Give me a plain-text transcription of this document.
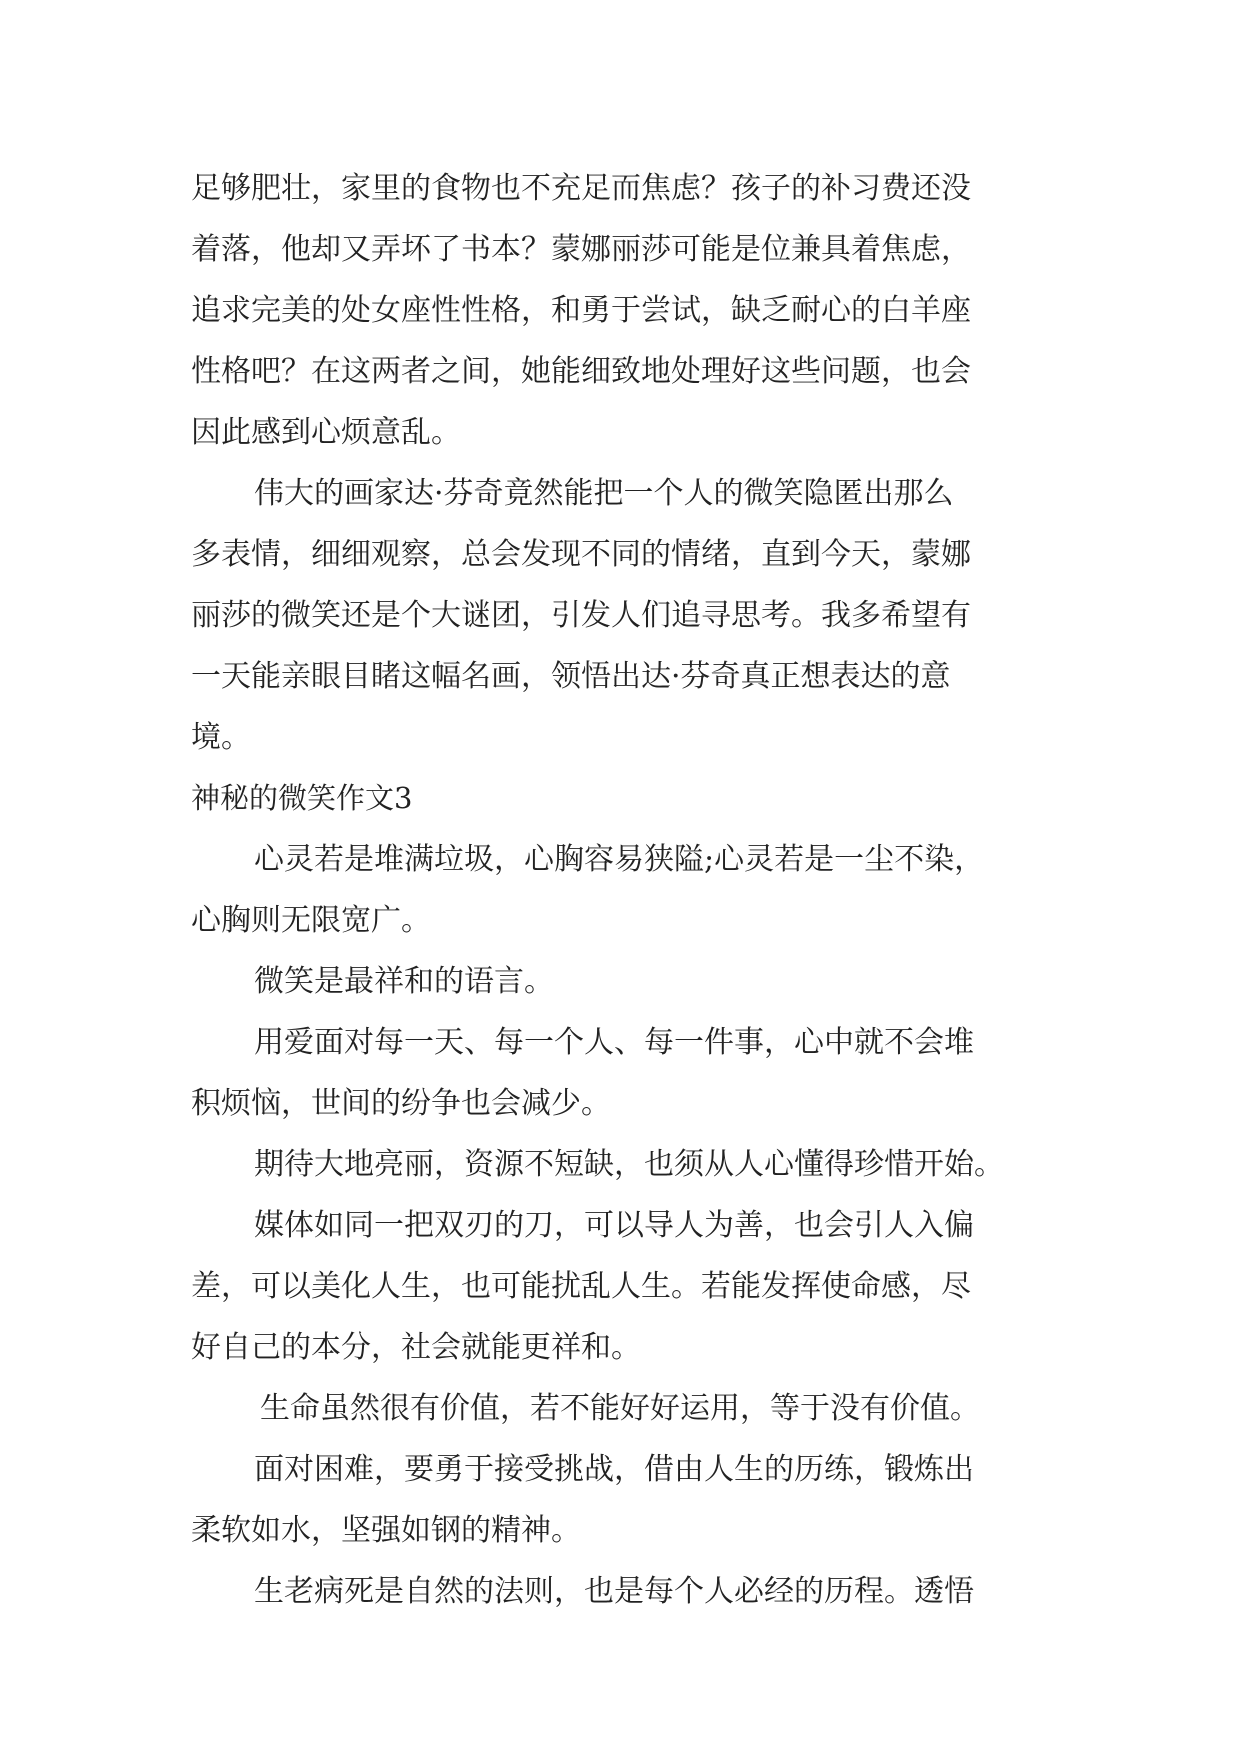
足够肥壮，家里的食物也不充足而焦虑？孩子的补习费还没
着落，他却又弄坏了书本？蒙娜丽莎可能是位兼具着焦虑，
追求完美的处女座性性格，和勇于尝试，缺乏耐心的白羊座
性格吧？在这两者之间，她能细致地处理好这些问题，也会
因此感到心烦意乱。
伟大的画家达·芬奇竟然能把一个人的微笑隐匿出那么
多表情，细细观察，总会发现不同的情绪，直到今天，蒙娜
丽莎的微笑还是个大谜团，引发人们追寻思考。我多希望有
一天能亲眼目睹这幅名画，领悟出达·芬奇真正想表达的意
境。
神秘的微笑作文3
心灵若是堆满垃圾，心胸容易狭隘;心灵若是一尘不染，
心胸则无限宽广。
微笑是最祥和的语言。
用爱面对每一天、每一个人、每一件事，心中就不会堆
积烦恼，世间的纷争也会减少。
期待大地亮丽，资源不短缺，也须从人心懂得珍惜开始。
媒体如同一把双刃的刀，可以导人为善，也会引人入偏
差，可以美化人生，也可能扰乱人生。若能发挥使命感，尽
好自己的本分，社会就能更祥和。
生命虽然很有价值，若不能好好运用，等于没有价值。
面对困难，要勇于接受挑战，借由人生的历练，锻炼出
柔软如水，坚强如钢的精神。
生老病死是自然的法则，也是每个人必经的历程。透悟
